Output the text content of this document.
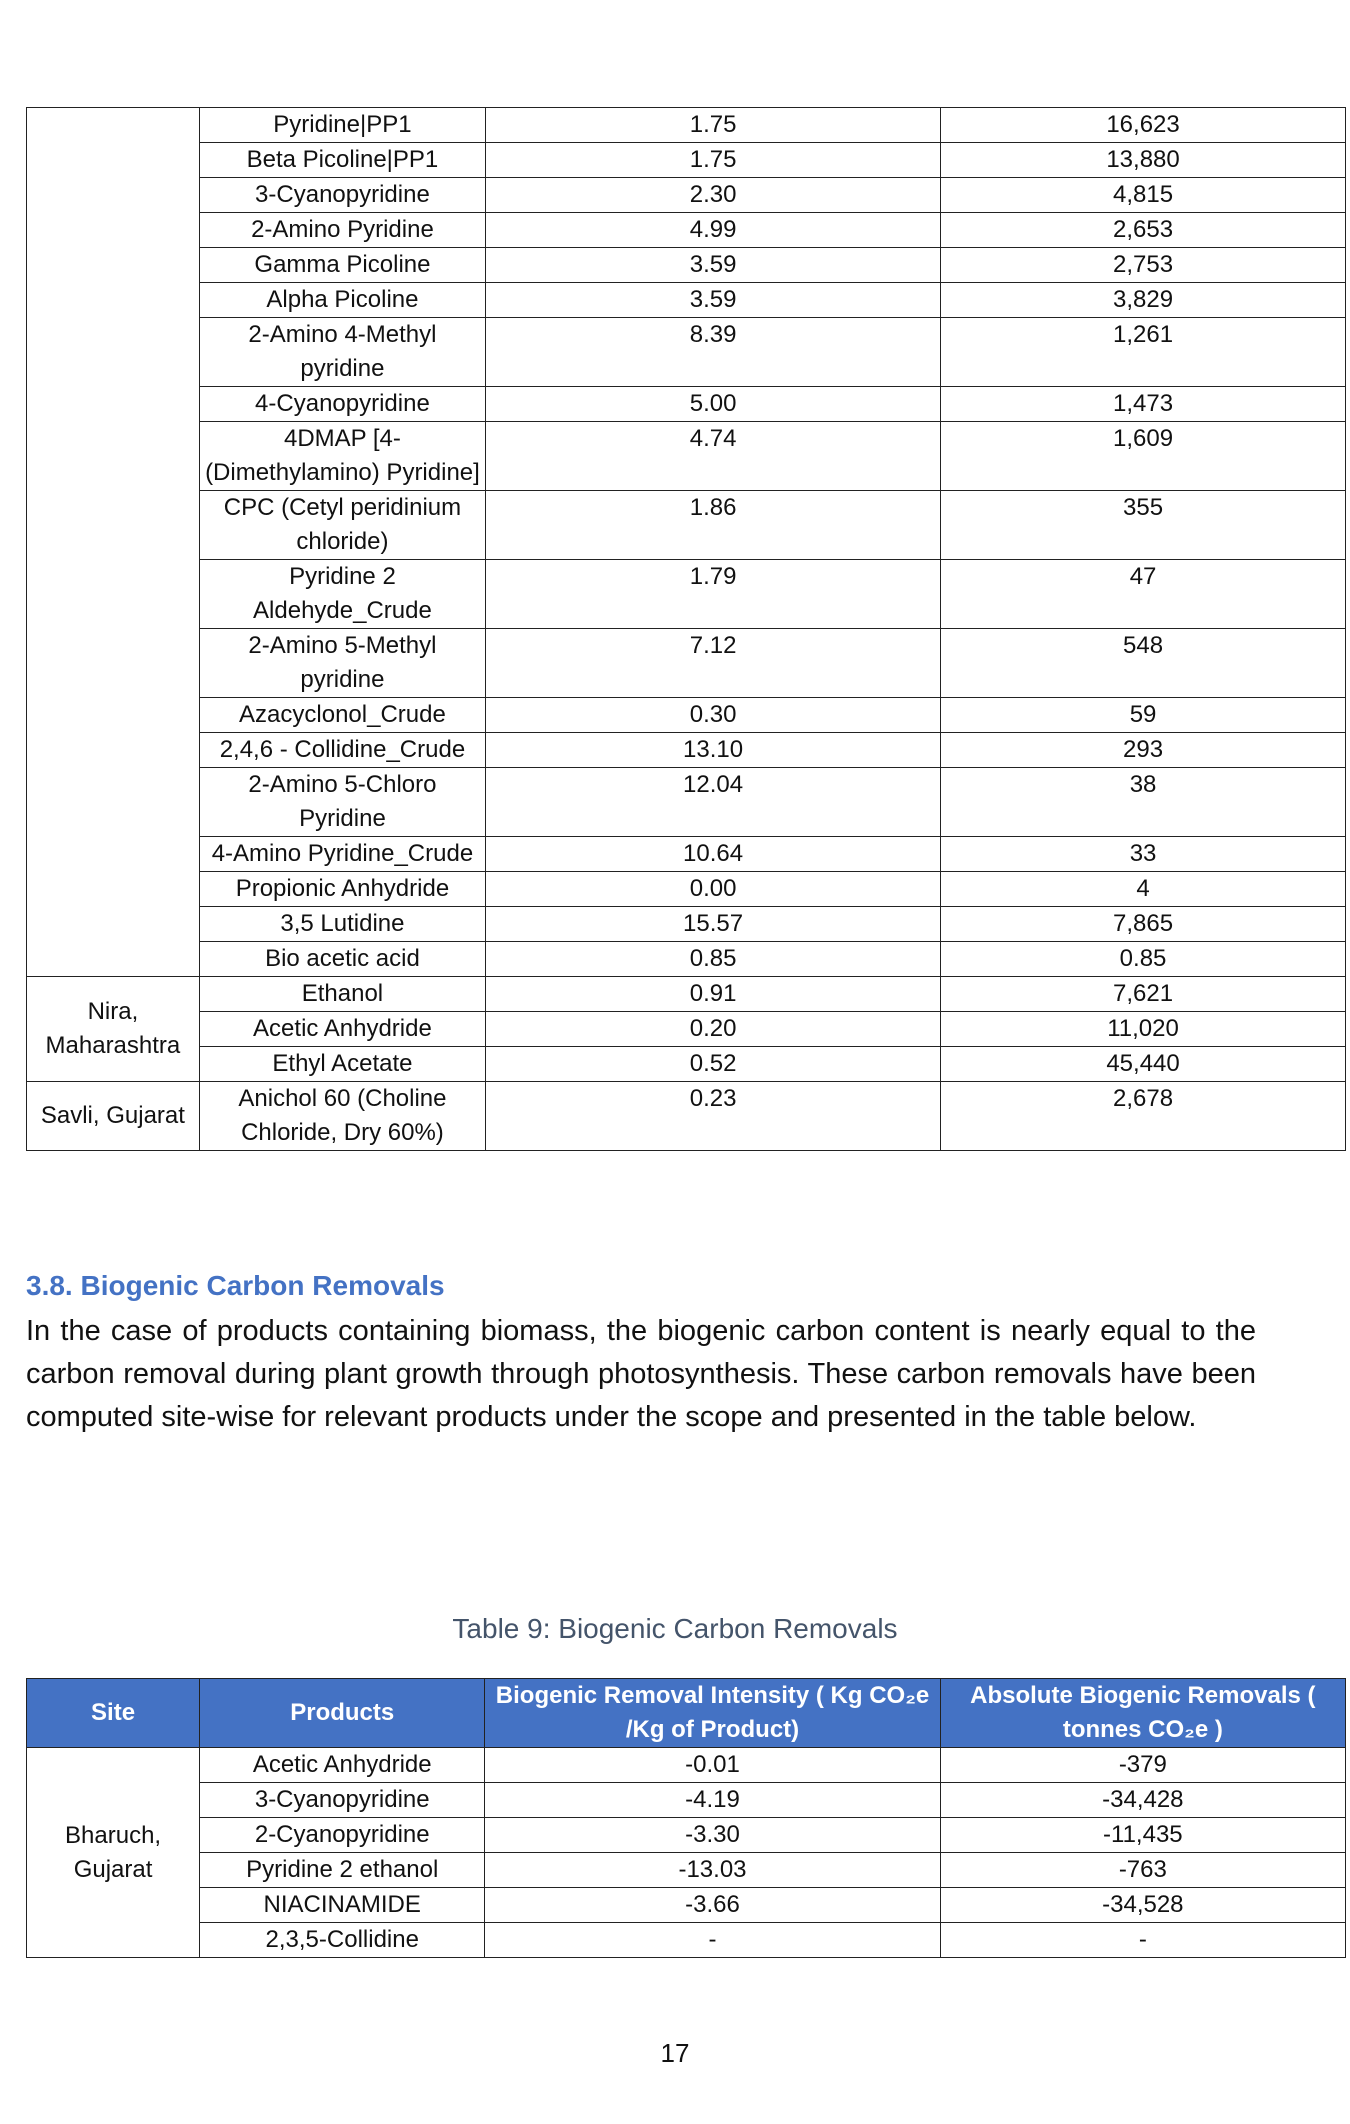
	Pyridine|PP1	1.75	16,623
	Beta Picoline|PP1	1.75	13,880
	3-Cyanopyridine	2.30	4,815
	2-Amino Pyridine	4.99	2,653
	Gamma Picoline	3.59	2,753
	Alpha Picoline	3.59	3,829
	2-Amino 4-Methyl pyridine	8.39	1,261
	4-Cyanopyridine	5.00	1,473
	4DMAP [4-(Dimethylamino) Pyridine]	4.74	1,609
	CPC (Cetyl peridinium chloride)	1.86	355
	Pyridine 2 Aldehyde_Crude	1.79	47
	2-Amino 5-Methyl pyridine	7.12	548
	Azacyclonol_Crude	0.30	59
	2,4,6 - Collidine_Crude	13.10	293
	2-Amino 5-Chloro Pyridine	12.04	38
	4-Amino Pyridine_Crude	10.64	33
	Propionic Anhydride	0.00	4
	3,5 Lutidine	15.57	7,865
	Bio acetic acid	0.85	0.85
Nira, Maharashtra	Ethanol	0.91	7,621
	Acetic Anhydride	0.20	11,020
	Ethyl Acetate	0.52	45,440
Savli, Gujarat	Anichol 60 (Choline Chloride, Dry 60%)	0.23	2,678
3.8. Biogenic Carbon Removals
In the case of products containing biomass, the biogenic carbon content is nearly equal to the carbon removal during plant growth through photosynthesis. These carbon removals have been computed site-wise for relevant products under the scope and presented in the table below.
Table 9: Biogenic Carbon Removals
Site	Products	Biogenic Removal Intensity ( Kg CO₂e /Kg of Product)	Absolute Biogenic Removals ( tonnes CO₂e )
Bharuch, Gujarat	Acetic Anhydride	-0.01	-379
	3-Cyanopyridine	-4.19	-34,428
	2-Cyanopyridine	-3.30	-11,435
	Pyridine 2 ethanol	-13.03	-763
	NIACINAMIDE	-3.66	-34,528
	2,3,5-Collidine	-	-
17
